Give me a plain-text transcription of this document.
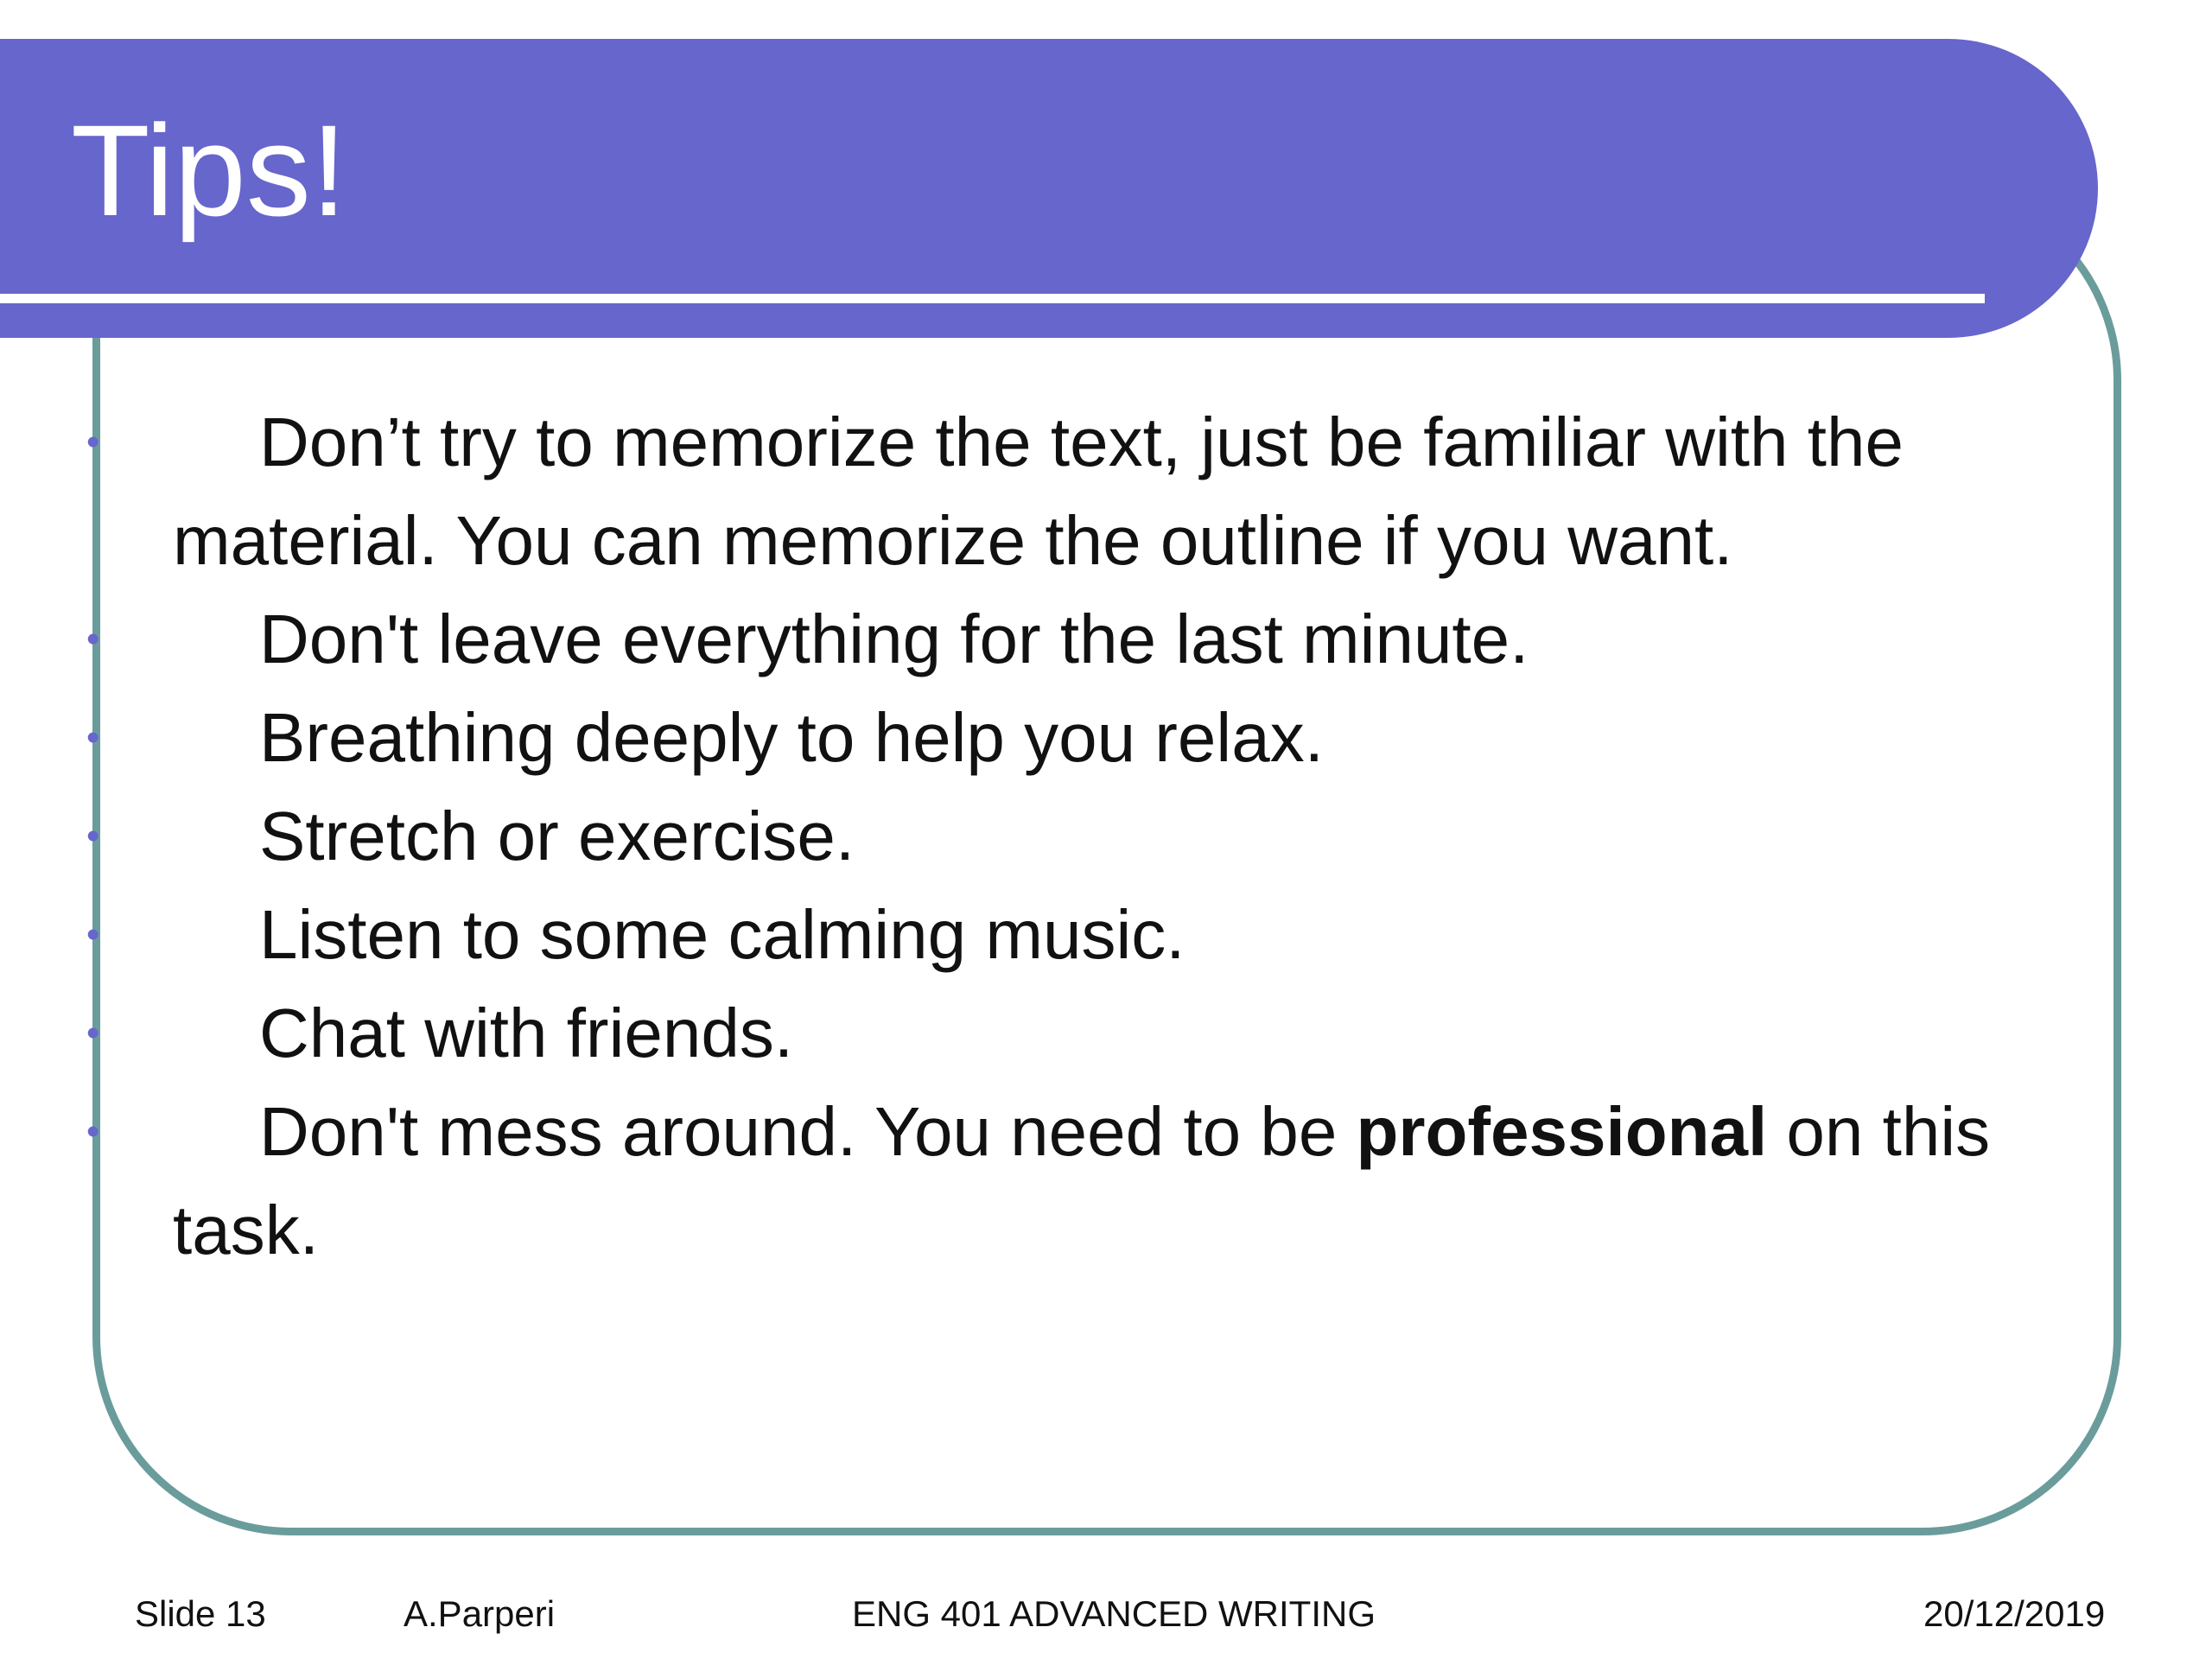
Tips!
•	Don’t try to memorize the text, just be familiar with the material. You can memorize the outline if you want.
•	Don't leave everything for the last minute.
•	Breathing deeply to help you relax.
•	Stretch or exercise.
•	Listen to some calming music.
•	Chat with friends.
•	Don't mess around. You need to be professional on this task.
Slide 13	A.Parperi	ENG 401 ADVANCED WRITING	20/12/2019
